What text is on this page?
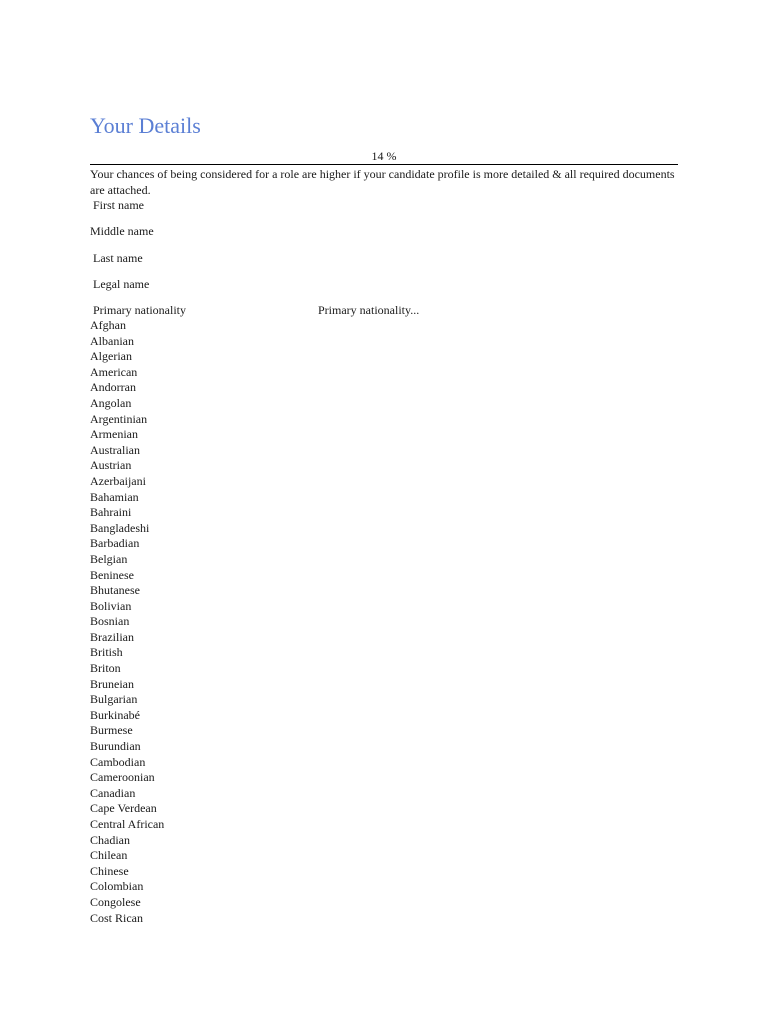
Your Details
14 %
Your chances of being considered for a role are higher if your candidate profile is more detailed & all required documents are attached.
First name
Middle name
Last name
Legal name
Primary nationality	Primary nationality...
Afghan
Albanian
Algerian
American
Andorran
Angolan
Argentinian
Armenian
Australian
Austrian
Azerbaijani
Bahamian
Bahraini
Bangladeshi
Barbadian
Belgian
Beninese
Bhutanese
Bolivian
Bosnian
Brazilian
British
Briton
Bruneian
Bulgarian
Burkinabé
Burmese
Burundian
Cambodian
Cameroonian
Canadian
Cape Verdean
Central African
Chadian
Chilean
Chinese
Colombian
Congolese
Cost Rican
